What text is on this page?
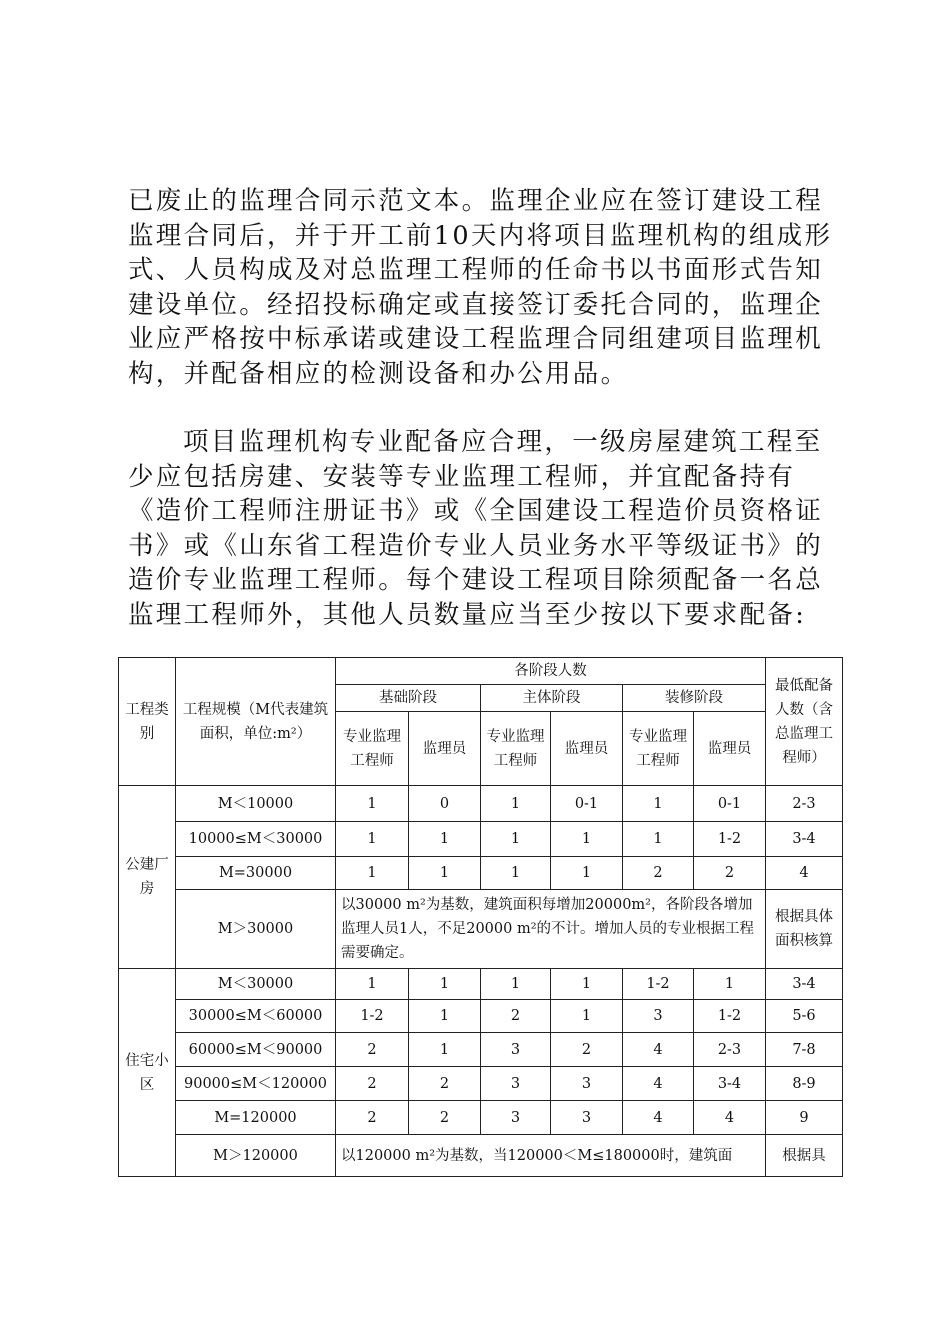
已废止的监理合同示范文本。监理企业应在签订建设工程监理合同后，并于开工前10天内将项目监理机构的组成形式、人员构成及对总监理工程师的任命书以书面形式告知建设单位。经招投标确定或直接签订委托合同的，监理企业应严格按中标承诺或建设工程监理合同组建项目监理机构，并配备相应的检测设备和办公用品。

项目监理机构专业配备应合理，一级房屋建筑工程至少应包括房建、安装等专业监理工程师，并宜配备持有《造价工程师注册证书》或《全国建设工程造价员资格证书》或《山东省工程造价专业人员业务水平等级证书》的造价专业监理工程师。每个建设工程项目除须配备一名总监理工程师外，其他人员数量应当至少按以下要求配备:

工程类别	工程规模（M代表建筑面积，单位:m²）	各阶段人数						最低配备人数（含总监理工程师）
		基础阶段		主体阶段		装修阶段		
		专业监理工程师	监理员	专业监理工程师	监理员	专业监理工程师	监理员	
公建厂房	M＜10000	1	0	1	0-1	1	0-1	2-3
	10000≤M＜30000	1	1	1	1	1	1-2	3-4
	M=30000	1	1	1	1	2	2	4
	M＞30000	以30000 m²为基数，建筑面积每增加20000m²，各阶段各增加监理人员1人，不足20000 m²的不计。增加人员的专业根据工程需要确定。						根据具体面积核算
住宅小区	M＜30000	1	1	1	1	1-2	1	3-4
	30000≤M＜60000	1-2	1	2	1	3	1-2	5-6
	60000≤M＜90000	2	1	3	2	4	2-3	7-8
	90000≤M＜120000	2	2	3	3	4	3-4	8-9
	M=120000	2	2	3	3	4	4	9
	M＞120000	以120000 m²为基数，当120000＜M≤180000时，建筑面						根据具
